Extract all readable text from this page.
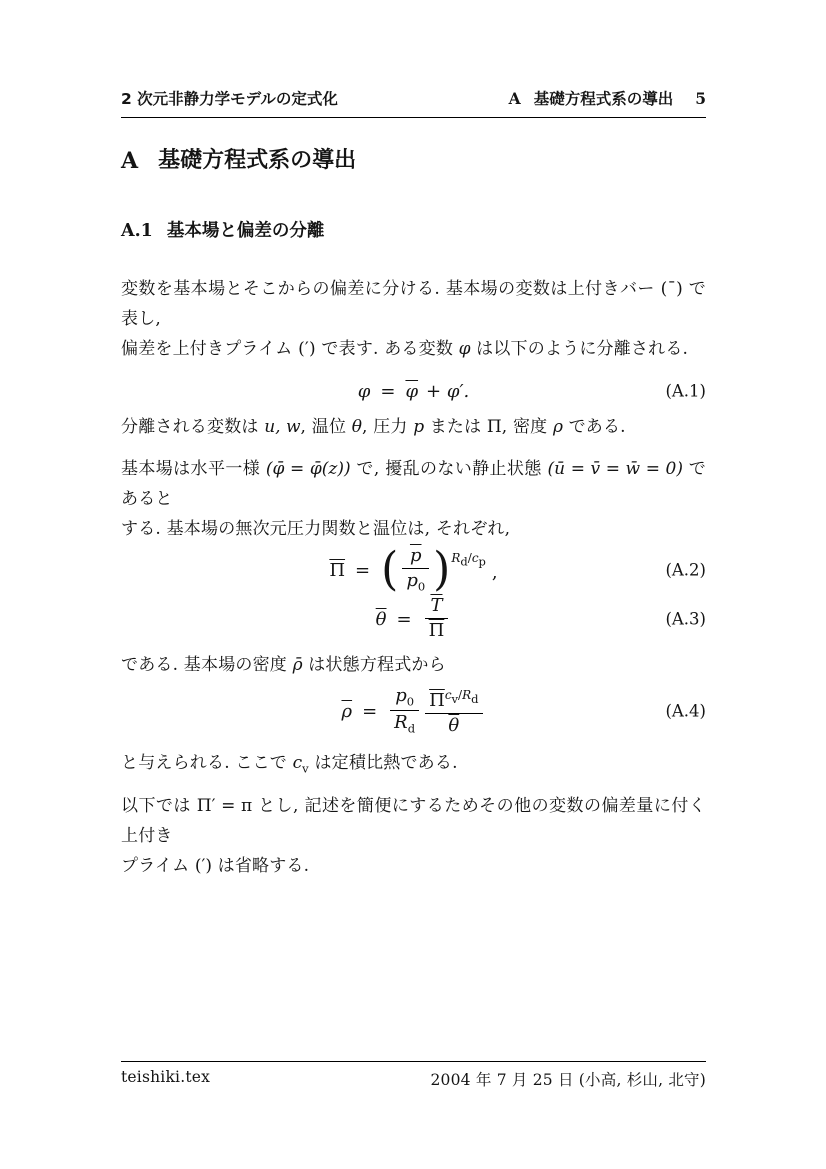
2 次元非静力学モデルの定式化	A 基礎方程式系の導出 5
A 基礎方程式系の導出
A.1 基本場と偏差の分離

変数を基本場とそこからの偏差に分ける. 基本場の変数は上付きバー (¯) で表し,
偏差を上付きプライム (′) で表す. ある変数 φ は以下のように分離される.

$\varphi = \overline{\varphi} + \varphi'$.	(A.1)

分離される変数は u, w, 温位 θ, 圧力 p または Π, 密度 ρ である.

基本場は水平一様 (φ̄ = φ̄(z)) で, 擾乱のない静止状態 (ū = v̄ = w̄ = 0) であると
する. 基本場の無次元圧力関数と温位は, それぞれ,

$\overline{\Pi}$ = ( $\frac{\overline{p}}{p_0}$ ) $R_d/c_p$
,	(A.2)
$\overline{\theta} = \frac{\overline{T}}{\Pi}$	(A.3)

である. 基本場の密度 ρ̄ は状態方程式から

$\overline{\rho} = \frac{p_0}{R_d} \frac{\overline{\Pi}^{c_v/R_d}}{\theta}$	(A.4)

と与えられる. ここで $c_v$ は定積比熱である.

以下では Π′ = π とし, 記述を簡便にするためその他の変数の偏差量に付く上付き
プライム (′) は省略する.

teishiki.tex	2004 年 7 月 25 日 (小高, 杉山, 北守)
